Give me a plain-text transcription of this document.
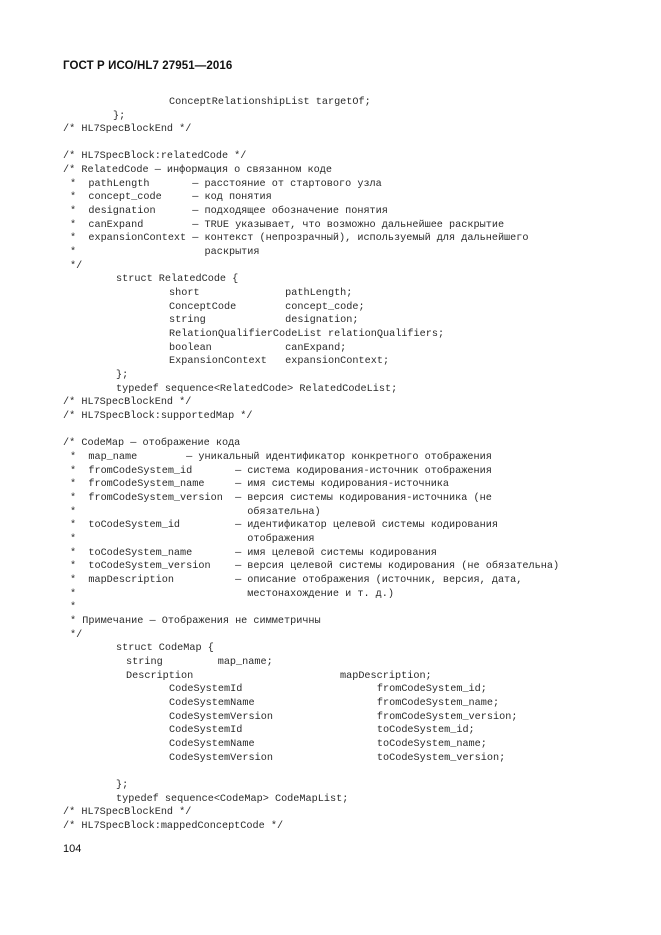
ГОСТ Р ИСО/HL7 27951—2016
ConceptRelationshipList targetOf;
};
/* HL7SpecBlockEnd */
/* HL7SpecBlock:relatedCode */
/* RelatedCode — информация о связанном коде
*  pathLength       — расстояние от стартового узла
*  concept_code     — код понятия
*  designation      — подходящее обозначение понятия
*  canExpand        — TRUE указывает, что возможно дальнейшее раскрытие
*  expansionContext — контекст (непрозрачный), используемый для дальнейшего
*                     раскрытия
*/
struct RelatedCode {
short              pathLength;
ConceptCode        concept_code;
string             designation;
RelationQualifierCodeList relationQualifiers;
boolean            canExpand;
ExpansionContext   expansionContext;
};
typedef sequence<RelatedCode> RelatedCodeList;
/* HL7SpecBlockEnd */
/* HL7SpecBlock:supportedMap */
/* CodeMap — отображение кода
*  map_name        — уникальный идентификатор конкретного отображения
*  fromCodeSystem_id       — система кодирования-источник отображения
*  fromCodeSystem_name     — имя системы кодирования-источника
*  fromCodeSystem_version  — версия системы кодирования-источника (не
*                            обязательна)
*  toCodeSystem_id         — идентификатор целевой системы кодирования
*                            отображения
*  toCodeSystem_name       — имя целевой системы кодирования
*  toCodeSystem_version    — версия целевой системы кодирования (не обязательна)
*  mapDescription          — описание отображения (источник, версия, дата,
*                            местонахождение и т. д.)
*
* Примечание — Отображения не симметричны
*/
struct CodeMap {
string         map_name;
Description                        mapDescription;
CodeSystemId                      fromCodeSystem_id;
CodeSystemName                    fromCodeSystem_name;
CodeSystemVersion                 fromCodeSystem_version;
CodeSystemId                      toCodeSystem_id;
CodeSystemName                    toCodeSystem_name;
CodeSystemVersion                 toCodeSystem_version;
};
typedef sequence<CodeMap> CodeMapList;
/* HL7SpecBlockEnd */
/* HL7SpecBlock:mappedConceptCode */
104
